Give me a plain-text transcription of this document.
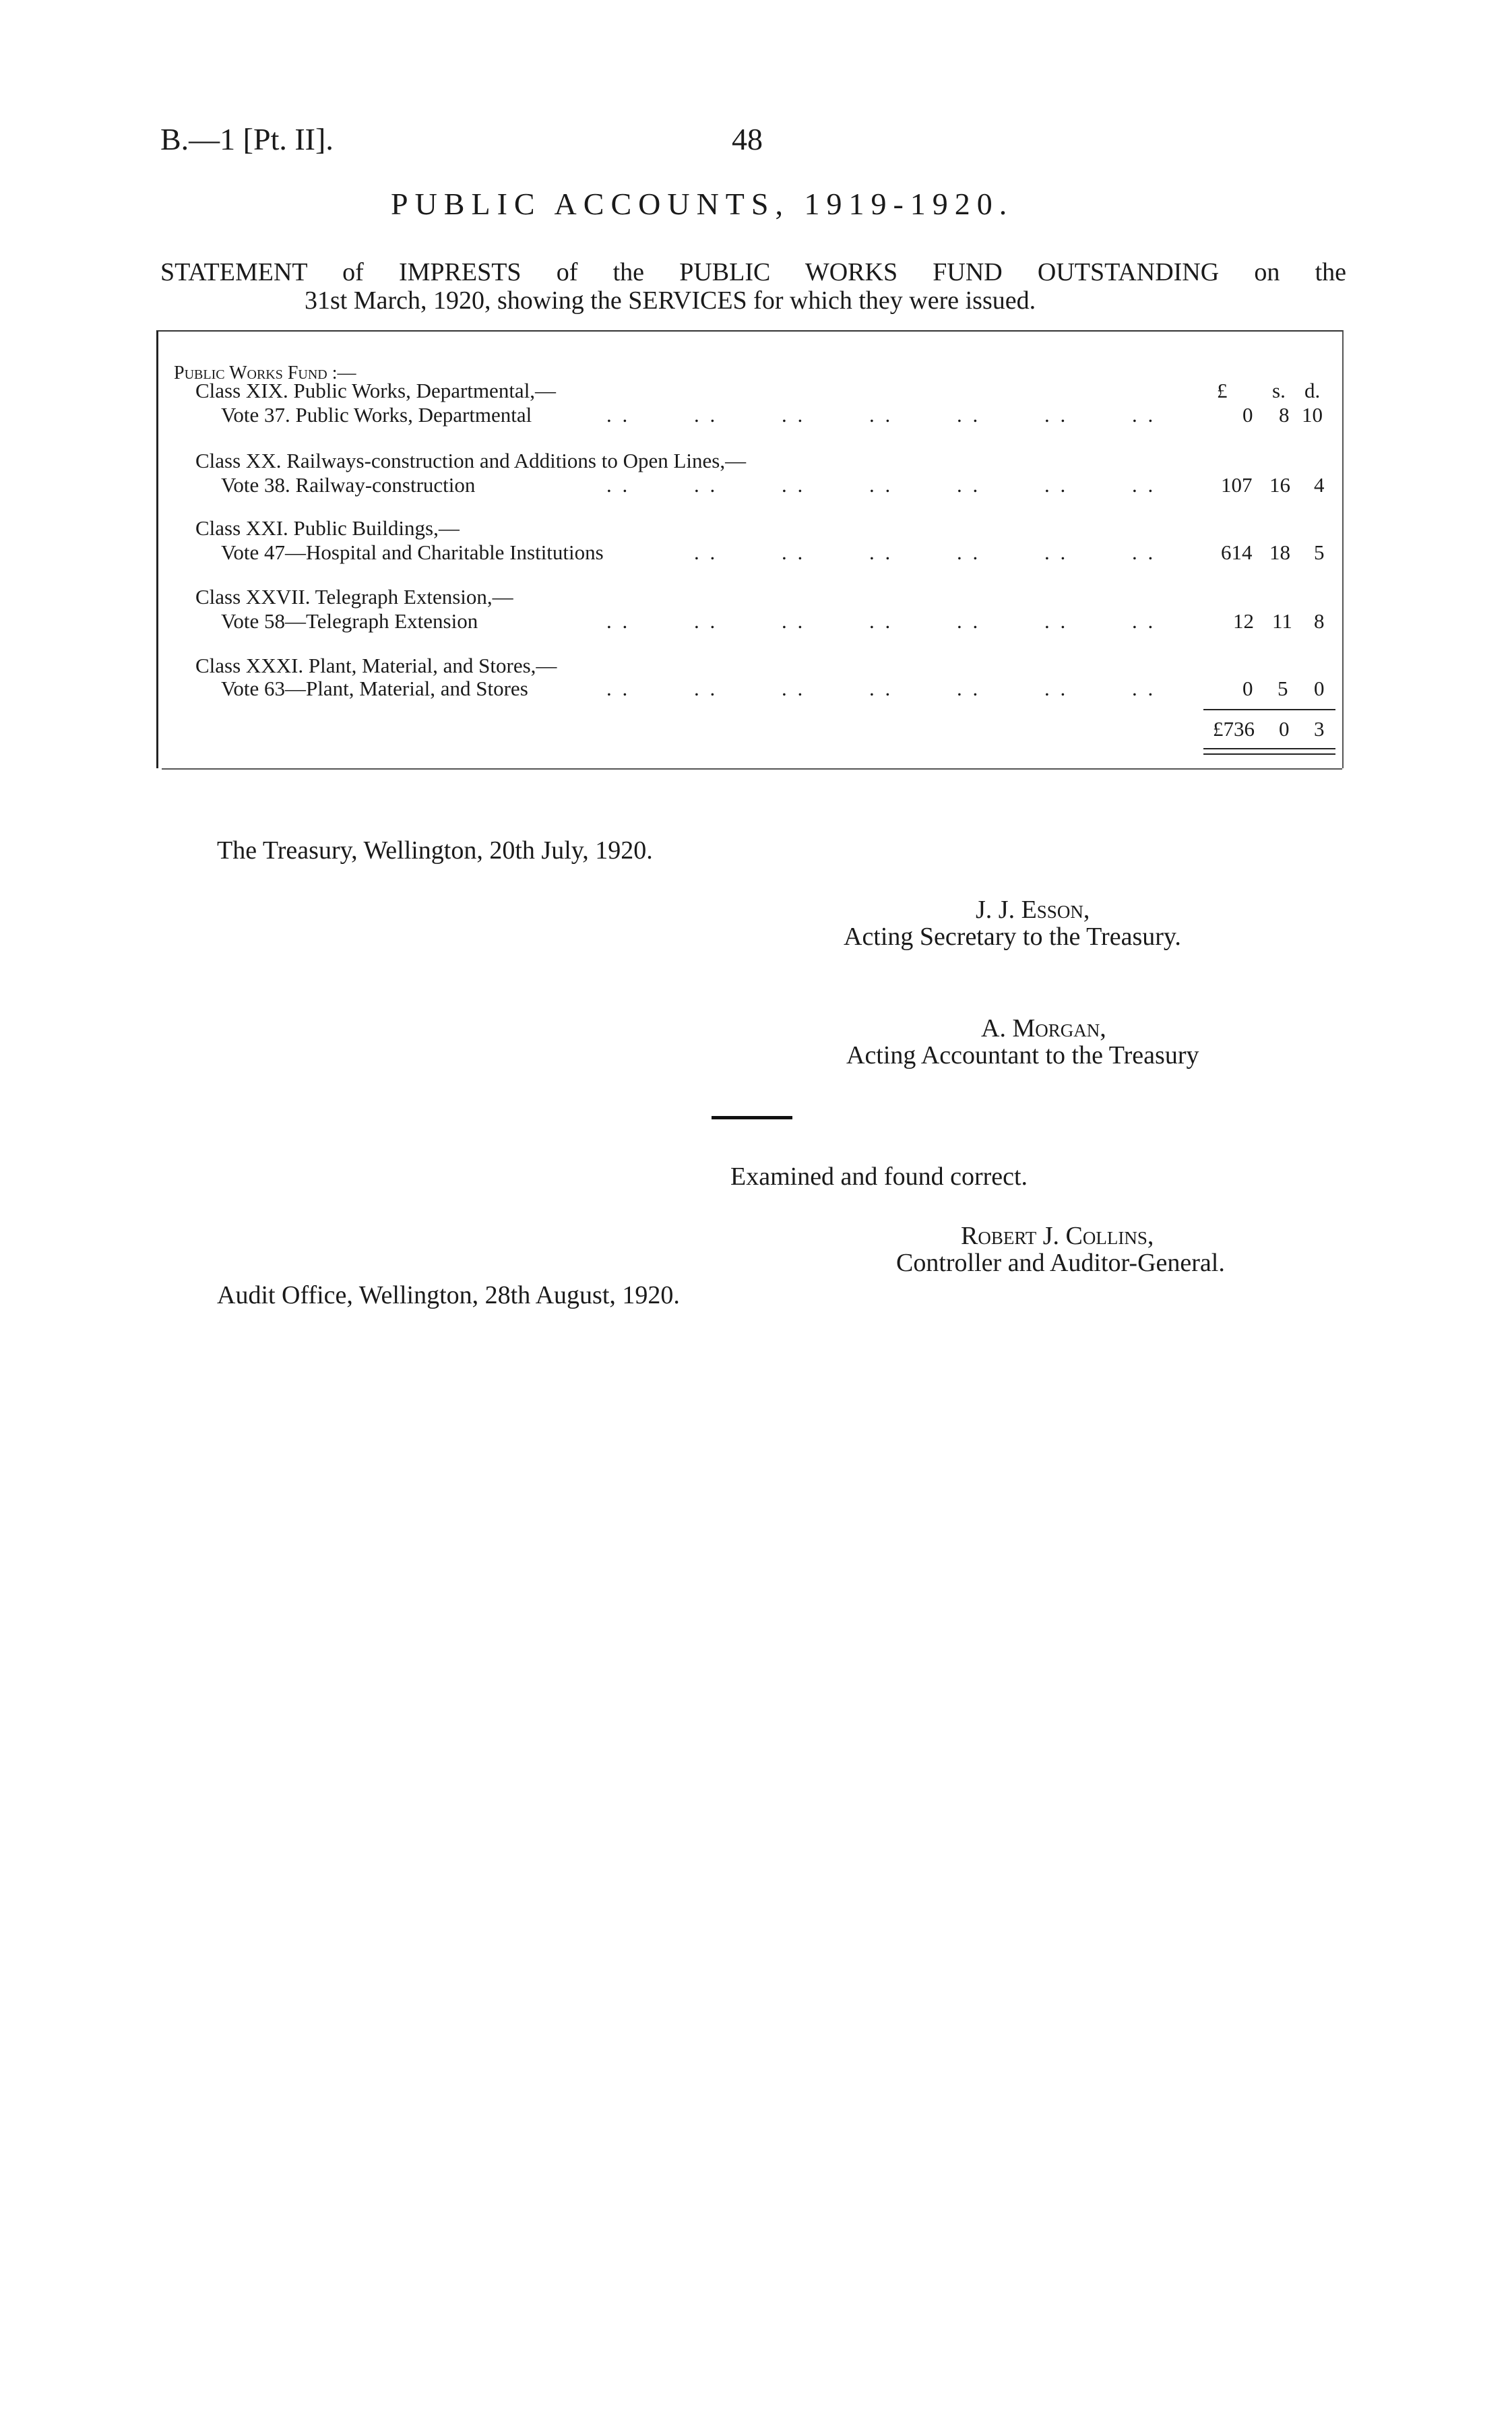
B.—1 [Pt. II].	48
PUBLIC ACCOUNTS, 1919-1920.
STATEMENT of IMPRESTS of the PUBLIC WORKS FUND OUTSTANDING on the
31st March, 1920, showing the SERVICES for which they were issued.
Public Works Fund :—
£ s. d.
Class XIX. Public Works, Departmental,—
Vote 37. Public Works, Departmental	. .	. .	. .	. .	. .	. .	. .	0 8 10
Class XX. Railways-construction and Additions to Open Lines,—
Vote 38. Railway-construction	. .	. .	. .	. .	. .	. .	. .	107 16 4
Class XXI. Public Buildings,—
Vote 47—Hospital and Charitable Institutions	. .	. .	. .	. .	. .	. .	614 18 5
Class XXVII. Telegraph Extension,—
Vote 58—Telegraph Extension	. .	. .	. .	. .	. .	. .	. .	12 11 8
Class XXXI. Plant, Material, and Stores,—
Vote 63—Plant, Material, and Stores	. .	. .	. .	. .	. .	. .	. .	0 5 0
£736 0 3
The Treasury, Wellington, 20th July, 1920.
J. J. Esson,
Acting Secretary to the Treasury.
A. Morgan,
Acting Accountant to the Treasury
Examined and found correct.
Robert J. Collins,
Controller and Auditor-General.
Audit Office, Wellington, 28th August, 1920.
